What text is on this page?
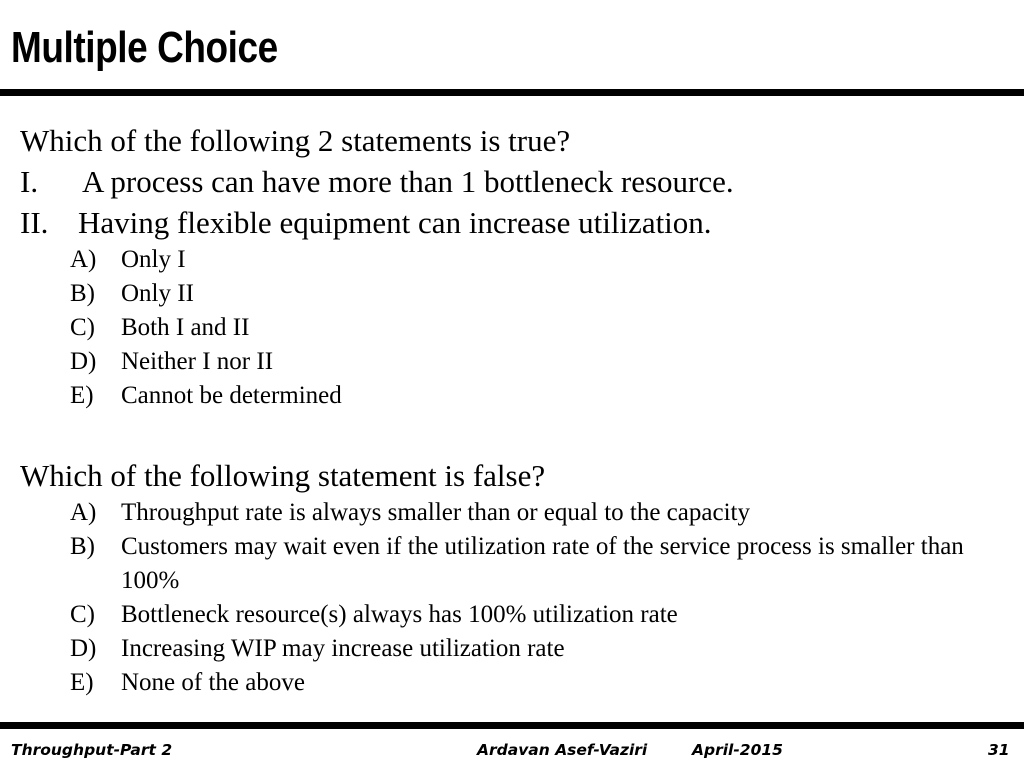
Multiple Choice
Which of the following 2 statements is true?
I.	A process can have more than 1 bottleneck resource.
II. Having flexible equipment can increase utilization.
A) Only I
B)	Only II
C)	Both I and II
D) Neither I nor II
E)	Cannot be determined
Which of the following statement is false?
A) Throughput rate is always smaller than or equal to the capacity
B)	Customers may wait even if the utilization rate of the service process is smaller than 100%
C)	Bottleneck resource(s) always has 100% utilization rate
D) Increasing WIP may increase utilization rate
E)	None of the above
Throughput-Part 2	Ardavan Asef-Vaziri	April-2015	31
